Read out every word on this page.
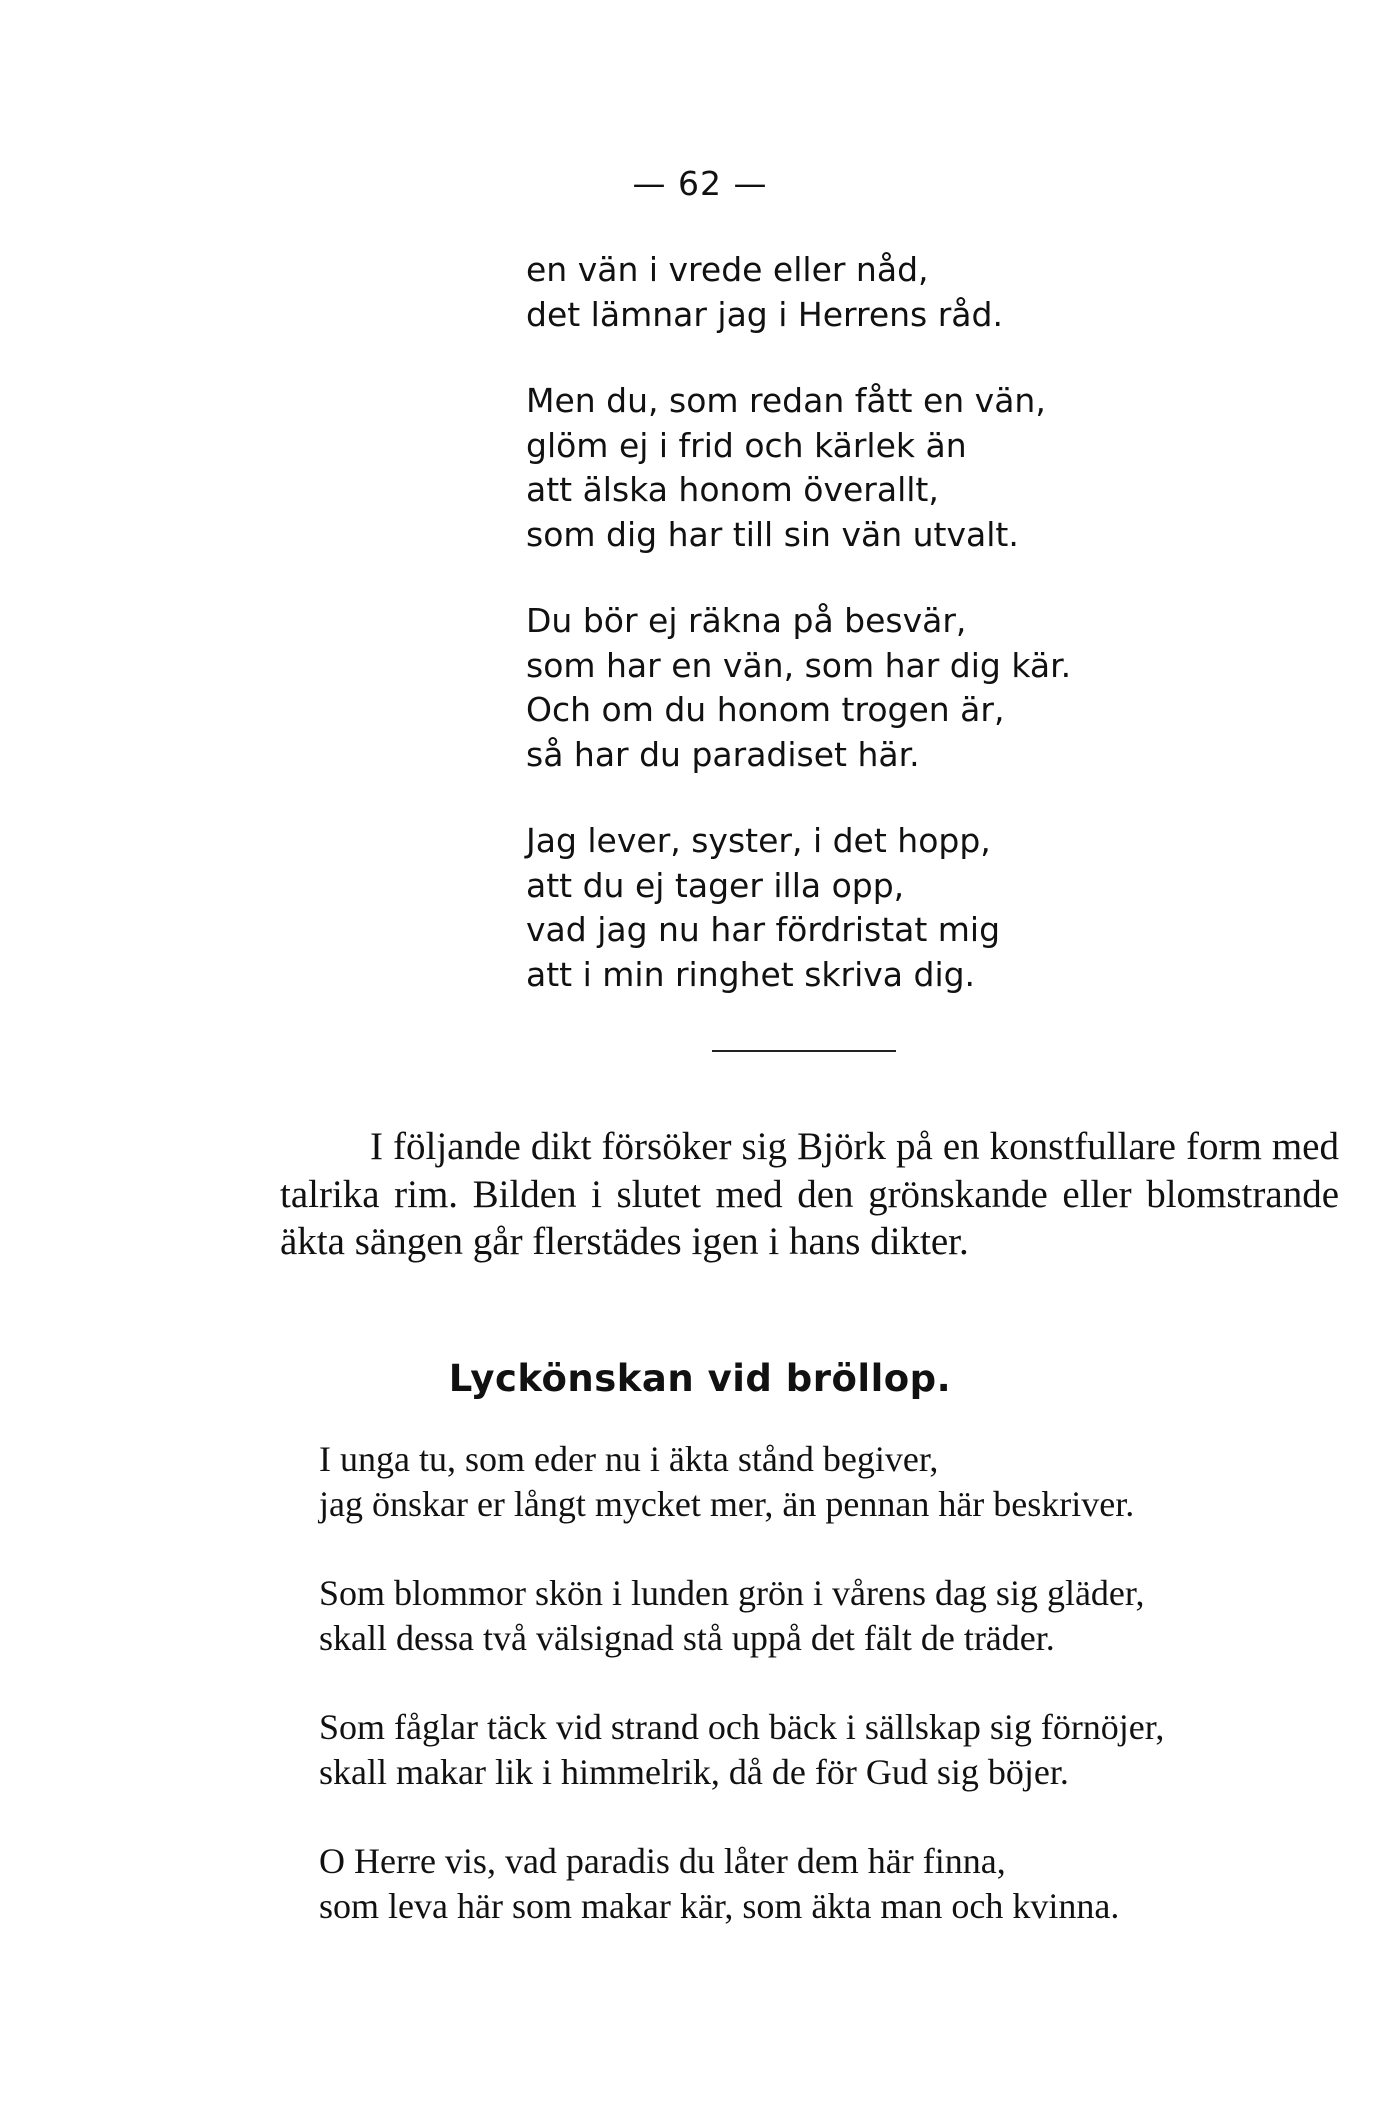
— 62 —
en vän i vrede eller nåd,
det lämnar jag i Herrens råd.
Men du, som redan fått en vän,
glöm ej i frid och kärlek än
att älska honom överallt,
som dig har till sin vän utvalt.
Du bör ej räkna på besvär,
som har en vän, som har dig kär.
Och om du honom trogen är,
så har du paradiset här.
Jag lever, syster, i det hopp,
att du ej tager illa opp,
vad jag nu har fördristat mig
att i min ringhet skriva dig.

I följande dikt försöker sig Björk på en konstfullare form med talrika rim. Bilden i slutet med den grönskande eller blomstrande äkta sängen går flerstädes igen i hans dikter.

Lyckönskan vid bröllop.
I unga tu, som eder nu i äkta stånd begiver,
jag önskar er långt mycket mer, än pennan här beskriver.
Som blommor skön i lunden grön i vårens dag sig gläder,
skall dessa två välsignad stå uppå det fält de träder.
Som fåglar täck vid strand och bäck i sällskap sig förnöjer,
skall makar lik i himmelrik, då de för Gud sig böjer.
O Herre vis, vad paradis du låter dem här finna,
som leva här som makar kär, som äkta man och kvinna.
